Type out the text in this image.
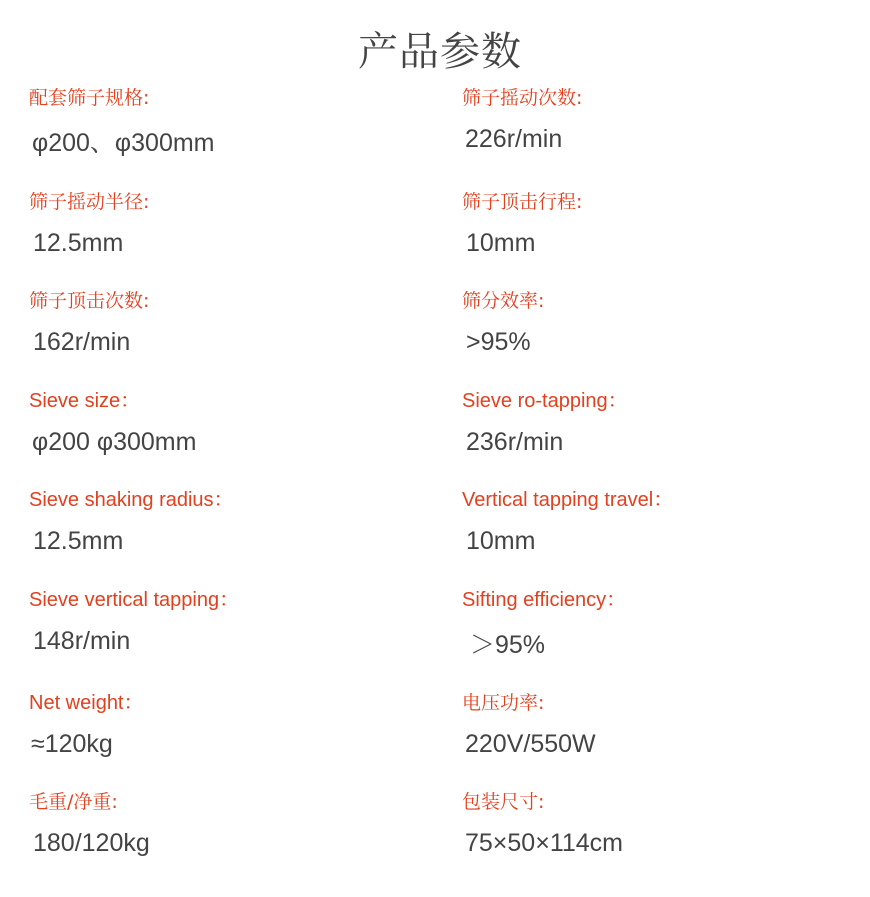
产品参数
配套筛子规格:
φ200、φ300mm
筛子摇动次数:
226r/min
筛子摇动半径:
12.5mm
筛子顶击行程:
10mm
筛子顶击次数:
162r/min
筛分效率:
>95%
Sieve size：
φ200 φ300mm
Sieve ro-tapping：
236r/min
Sieve shaking radius：
12.5mm
Vertical tapping travel：
10mm
Sieve vertical tapping：
148r/min
Sifting efficiency：
＞95%
Net weight：
≈120kg
电压功率:
220V/550W
毛重/净重:
180/120kg
包装尺寸:
75×50×114cm
